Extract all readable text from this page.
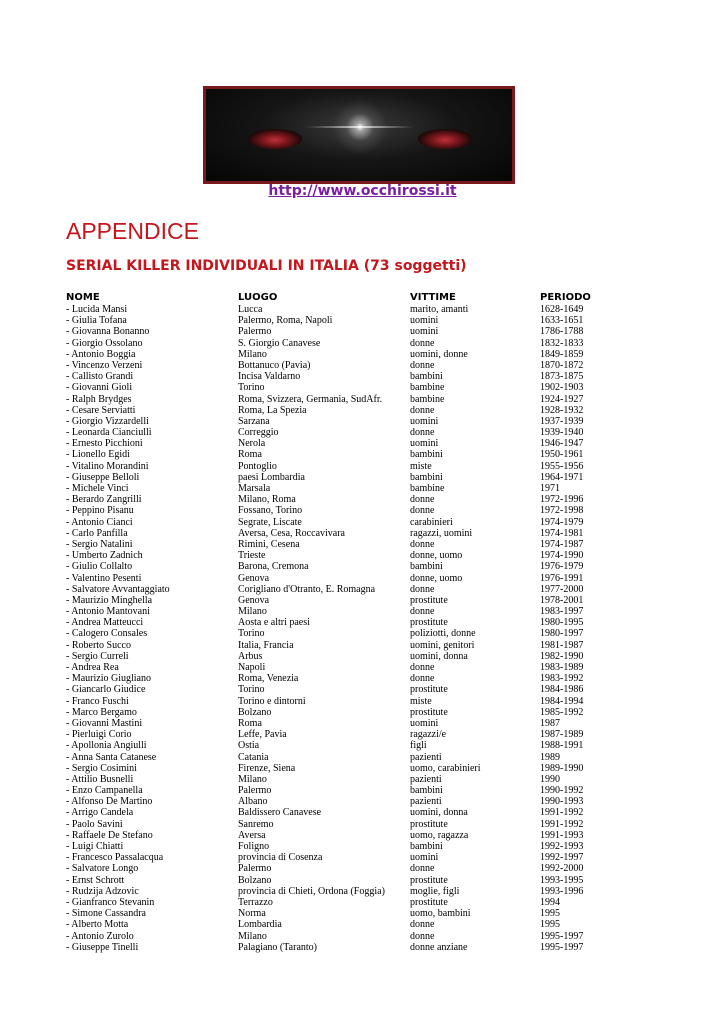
http://www.occhirossi.it
APPENDICE
SERIAL KILLER INDIVIDUALI IN ITALIA (73 soggetti)
NOME	LUOGO	VITTIME	PERIODO
- Lucida Mansi	Lucca	marito, amanti	1628-1649
- Giulia Tofana	Palermo, Roma, Napoli	uomini	1633-1651
- Giovanna Bonanno	Palermo	uomini	1786-1788
- Giorgio Ossolano	S. Giorgio Canavese	donne	1832-1833
- Antonio Boggia	Milano	uomini, donne	1849-1859
- Vincenzo Verzeni	Bottanuco (Pavia)	donne	1870-1872
- Callisto Grandi	Incisa Valdarno	bambini	1873-1875
- Giovanni Gioli	Torino	bambine	1902-1903
- Ralph Brydges	Roma, Svizzera, Germania, SudAfr.	bambine	1924-1927
- Cesare Serviatti	Roma, La Spezia	donne	1928-1932
- Giorgio Vizzardelli	Sarzana	uomini	1937-1939
- Leonarda Cianciulli	Correggio	donne	1939-1940
- Ernesto Picchioni	Nerola	uomini	1946-1947
- Lionello Egidi	Roma	bambini	1950-1961
- Vitalino Morandini	Pontoglio	miste	1955-1956
- Giuseppe Belloli	paesi Lombardia	bambini	1964-1971
- Michele Vinci	Marsala	bambine	1971
- Berardo Zangrilli	Milano, Roma	donne	1972-1996
- Peppino Pisanu	Fossano, Torino	donne	1972-1998
- Antonio Cianci	Segrate, Liscate	carabinieri	1974-1979
- Carlo Panfilla	Aversa, Cesa, Roccavivara	ragazzi, uomini	1974-1981
- Sergio Natalini	Rimini, Cesena	donne	1974-1987
- Umberto Zadnich	Trieste	donne, uomo	1974-1990
- Giulio Collalto	Barona, Cremona	bambini	1976-1979
- Valentino Pesenti	Genova	donne, uomo	1976-1991
- Salvatore Avvantaggiato	Corigliano d'Otranto, E. Romagna	donne	1977-2000
- Maurizio Minghella	Genova	prostitute	1978-2001
- Antonio Mantovani	Milano	donne	1983-1997
- Andrea Matteucci	Aosta e altri paesi	prostitute	1980-1995
- Calogero Consales	Torino	poliziotti, donne	1980-1997
- Roberto Succo	Italia, Francia	uomini, genitori	1981-1987
- Sergio Curreli	Arbus	uomini, donna	1982-1990
- Andrea Rea	Napoli	donne	1983-1989
- Maurizio Giugliano	Roma, Venezia	donne	1983-1992
- Giancarlo Giudice	Torino	prostitute	1984-1986
- Franco Fuschi	Torino e dintorni	miste	1984-1994
- Marco Bergamo	Bolzano	prostitute	1985-1992
- Giovanni Mastini	Roma	uomini	1987
- Pierluigi Corio	Leffe, Pavia	ragazzi/e	1987-1989
- Apollonia Angiulli	Ostia	figli	1988-1991
- Anna Santa Catanese	Catania	pazienti	1989
- Sergio Cosimini	Firenze, Siena	uomo, carabinieri	1989-1990
- Attilio Busnelli	Milano	pazienti	1990
- Enzo Campanella	Palermo	bambini	1990-1992
- Alfonso De Martino	Albano	pazienti	1990-1993
- Arrigo Candela	Baldissero Canavese	uomini, donna	1991-1992
- Paolo Savini	Sanremo	prostitute	1991-1992
- Raffaele De Stefano	Aversa	uomo, ragazza	1991-1993
- Luigi Chiatti	Foligno	bambini	1992-1993
- Francesco Passalacqua	provincia di Cosenza	uomini	1992-1997
- Salvatore Longo	Palermo	donne	1992-2000
- Ernst Schrott	Bolzano	prostitute	1993-1995
- Rudzija Adzovic	provincia di Chieti, Ordona (Foggia)	moglie, figli	1993-1996
- Gianfranco Stevanin	Terrazzo	prostitute	1994
- Simone Cassandra	Norma	uomo, bambini	1995
- Alberto Motta	Lombardia	donne	1995
- Antonio Zurolo	Milano	donne	1995-1997
- Giuseppe Tinelli	Palagiano (Taranto)	donne anziane	1995-1997
